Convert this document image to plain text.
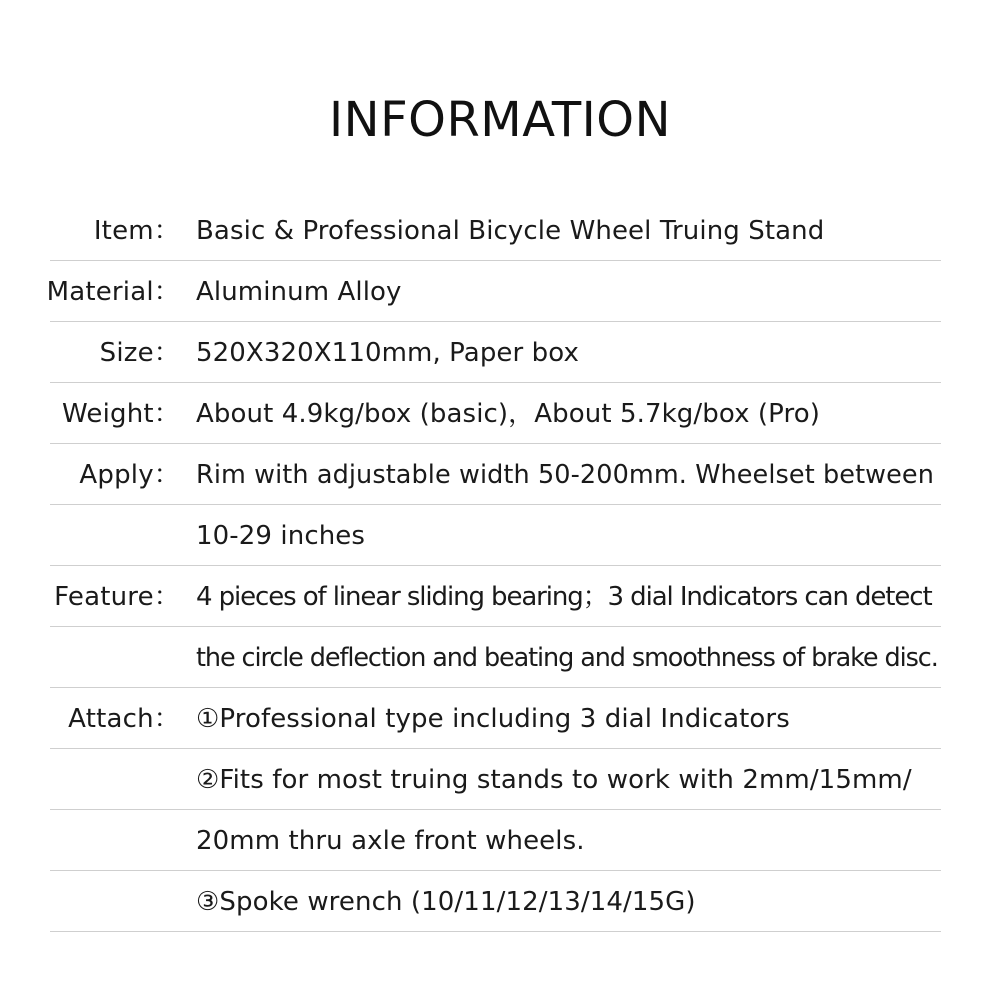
INFORMATION
Item： Basic & Professional Bicycle Wheel Truing Stand
Material： Aluminum Alloy
Size： 520X320X110mm, Paper box
Weight： About 4.9kg/box (basic)，About 5.7kg/box (Pro)
Apply： Rim with adjustable width 50-200mm. Wheelset between
10-29 inches
Feature： 4 pieces of linear sliding bearing；3 dial Indicators can detect
the circle deflection and beating and smoothness of brake disc.
Attach： ①Professional type including 3 dial Indicators
②Fits for most truing stands to work with 2mm/15mm/
20mm thru axle front wheels.
③Spoke wrench (10/11/12/13/14/15G)
